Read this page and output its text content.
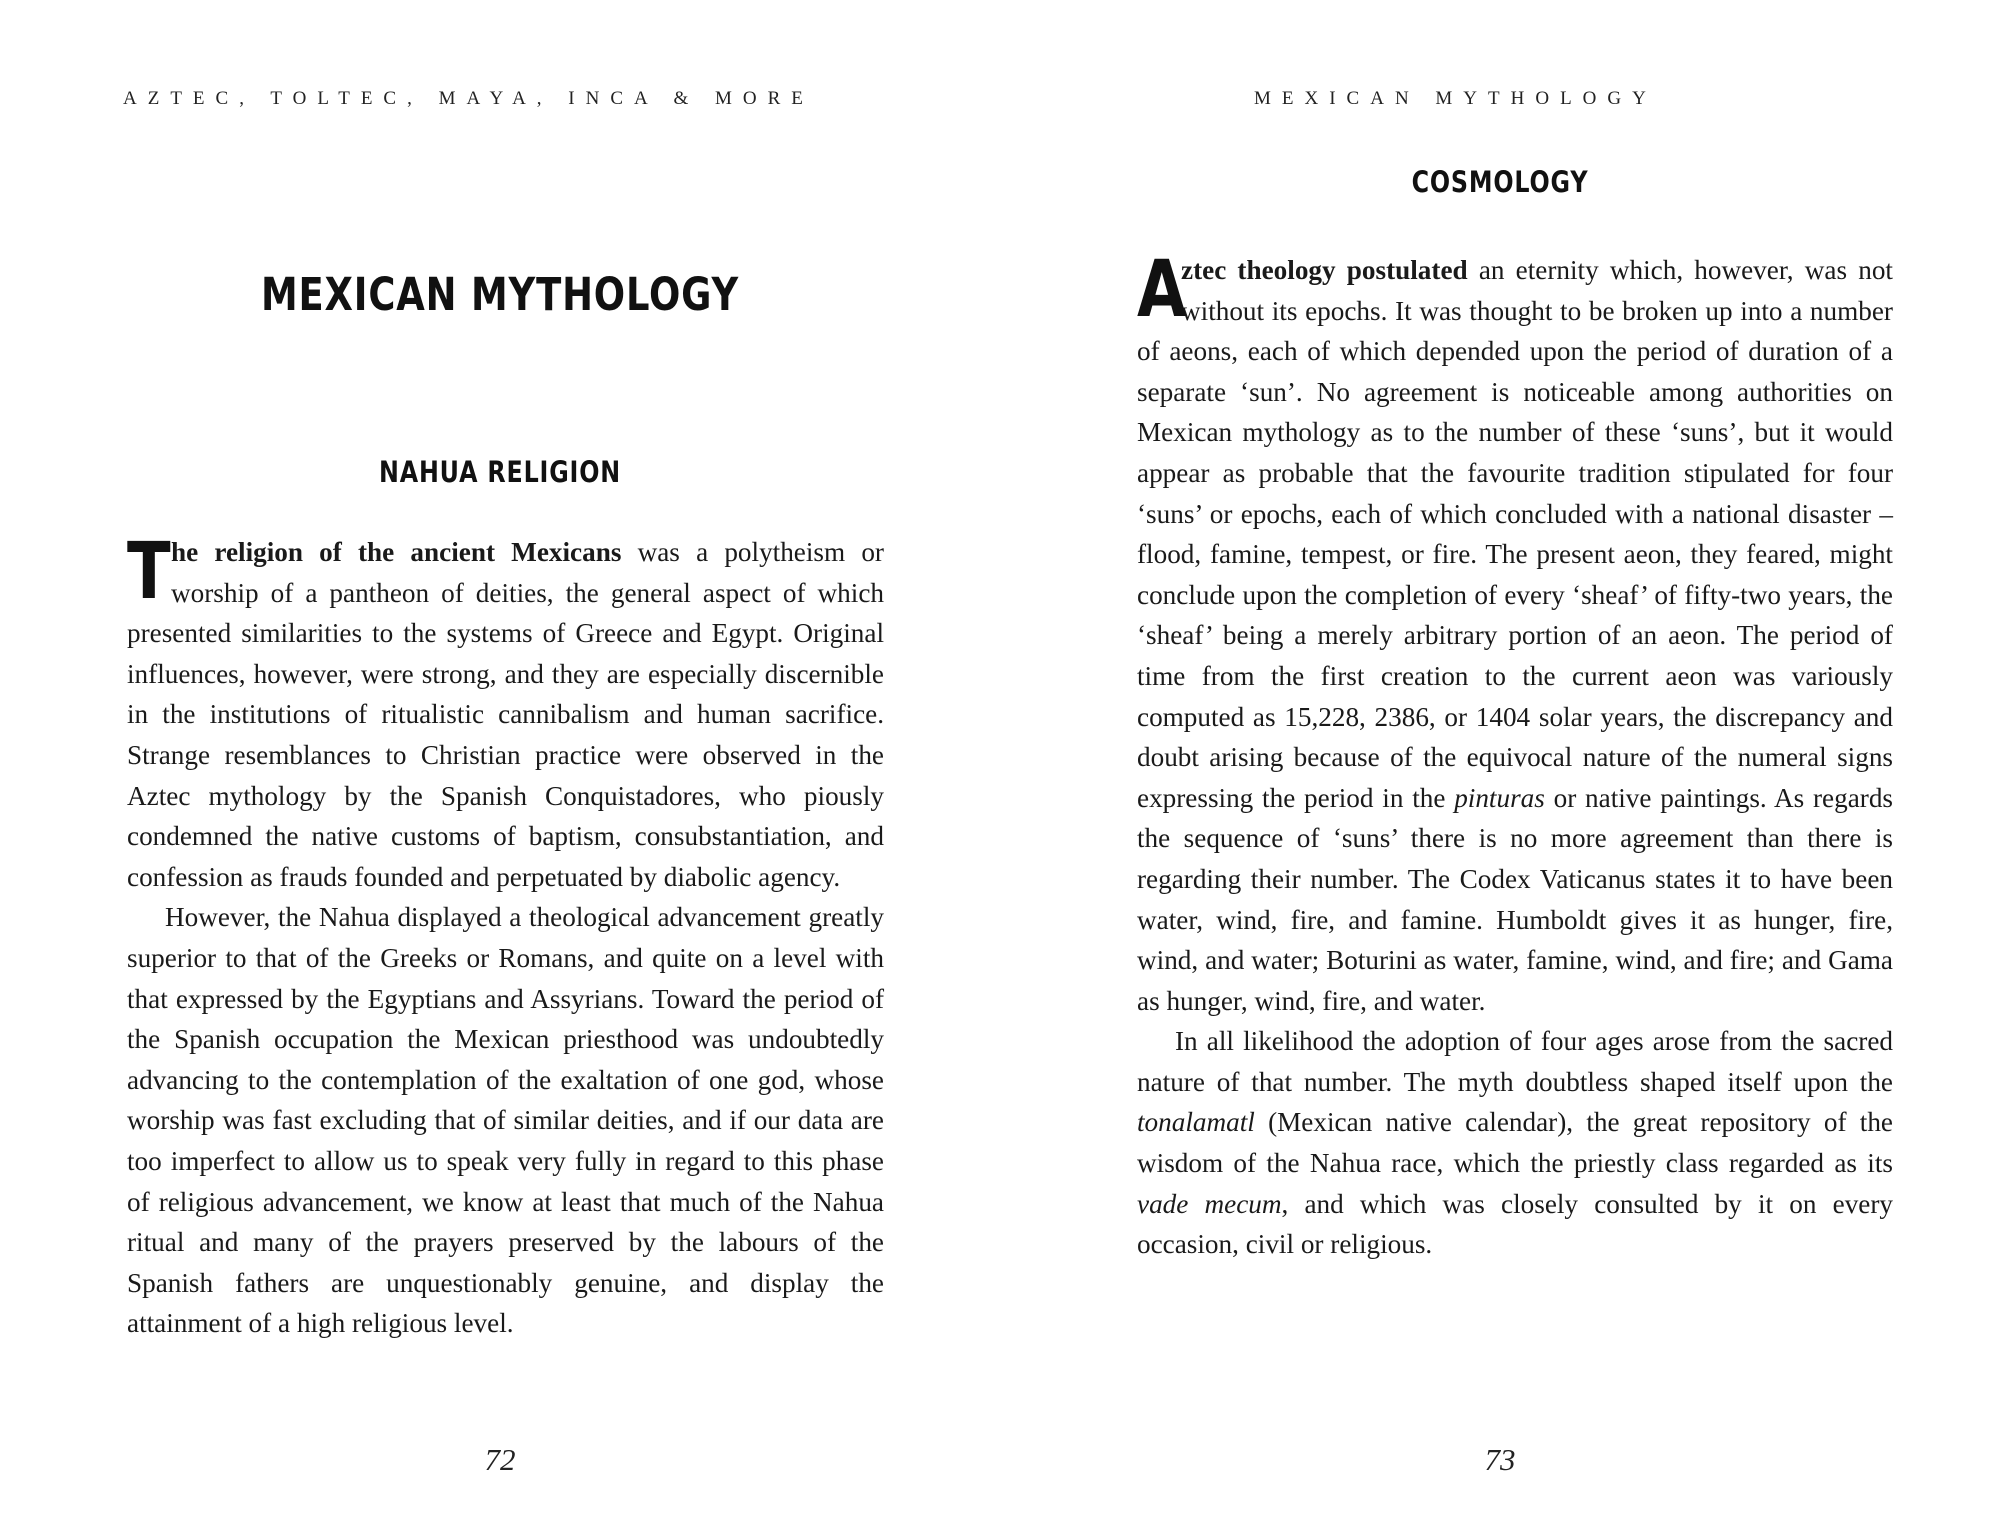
AZTEC, TOLTEC, MAYA, INCA & MORE
MEXICAN MYTHOLOGY
NAHUA RELIGION

The religion of the ancient Mexicans was a polytheism or worship of a pantheon of deities, the general aspect of which presented similarities to the systems of Greece and Egypt. Original influences, however, were strong, and they are especially discernible in the institutions of ritualistic cannibalism and human sacrifice. Strange resemblances to Christian practice were observed in the Aztec mythology by the Spanish Conquistadores, who piously condemned the native customs of baptism, consubstantiation, and confession as frauds founded and perpetuated by diabolic agency.

However, the Nahua displayed a theological advancement greatly superior to that of the Greeks or Romans, and quite on a level with that expressed by the Egyptians and Assyrians. Toward the period of the Spanish occupation the Mexican priesthood was undoubtedly advancing to the contemplation of the exaltation of one god, whose worship was fast excluding that of similar deities, and if our data are too imperfect to allow us to speak very fully in regard to this phase of religious advancement, we know at least that much of the Nahua ritual and many of the prayers preserved by the labours of the Spanish fathers are unquestionably genuine, and display the attainment of a high religious level.

72
MEXICAN MYTHOLOGY
COSMOLOGY

A
ztec theology postulated an eternity which, however, was not without its epochs. It was thought to be broken up into a number of aeons, each of which depended upon the period of duration of a separate ‘sun’. No agreement is noticeable among authorities on Mexican mythology as to the number of these ‘suns’, but it would appear as probable that the favourite tradition stipulated for four ‘suns’ or epochs, each of which concluded with a national disaster – flood, famine, tempest, or fire. The present aeon, they feared, might conclude upon the completion of every ‘sheaf’ of fifty-two years, the ‘sheaf’ being a merely arbitrary portion of an aeon. The period of time from the first creation to the current aeon was variously computed as 15,228, 2386, or 1404 solar years, the discrepancy and doubt arising because of the equivocal nature of the numeral signs expressing the period in the pinturas or native paintings. As regards the sequence of ‘suns’ there is no more agreement than there is regarding their number. The Codex Vaticanus states it to have been water, wind, fire, and famine. Humboldt gives it as hunger, fire, wind, and water; Boturini as water, famine, wind, and fire; and Gama as hunger, wind, fire, and water.

In all likelihood the adoption of four ages arose from the sacred nature of that number. The myth doubtless shaped itself upon the tonalamatl (Mexican native calendar), the great repository of the wisdom of the Nahua race, which the priestly class regarded as its vade mecum, and which was closely consulted by it on every occasion, civil or religious.

73
